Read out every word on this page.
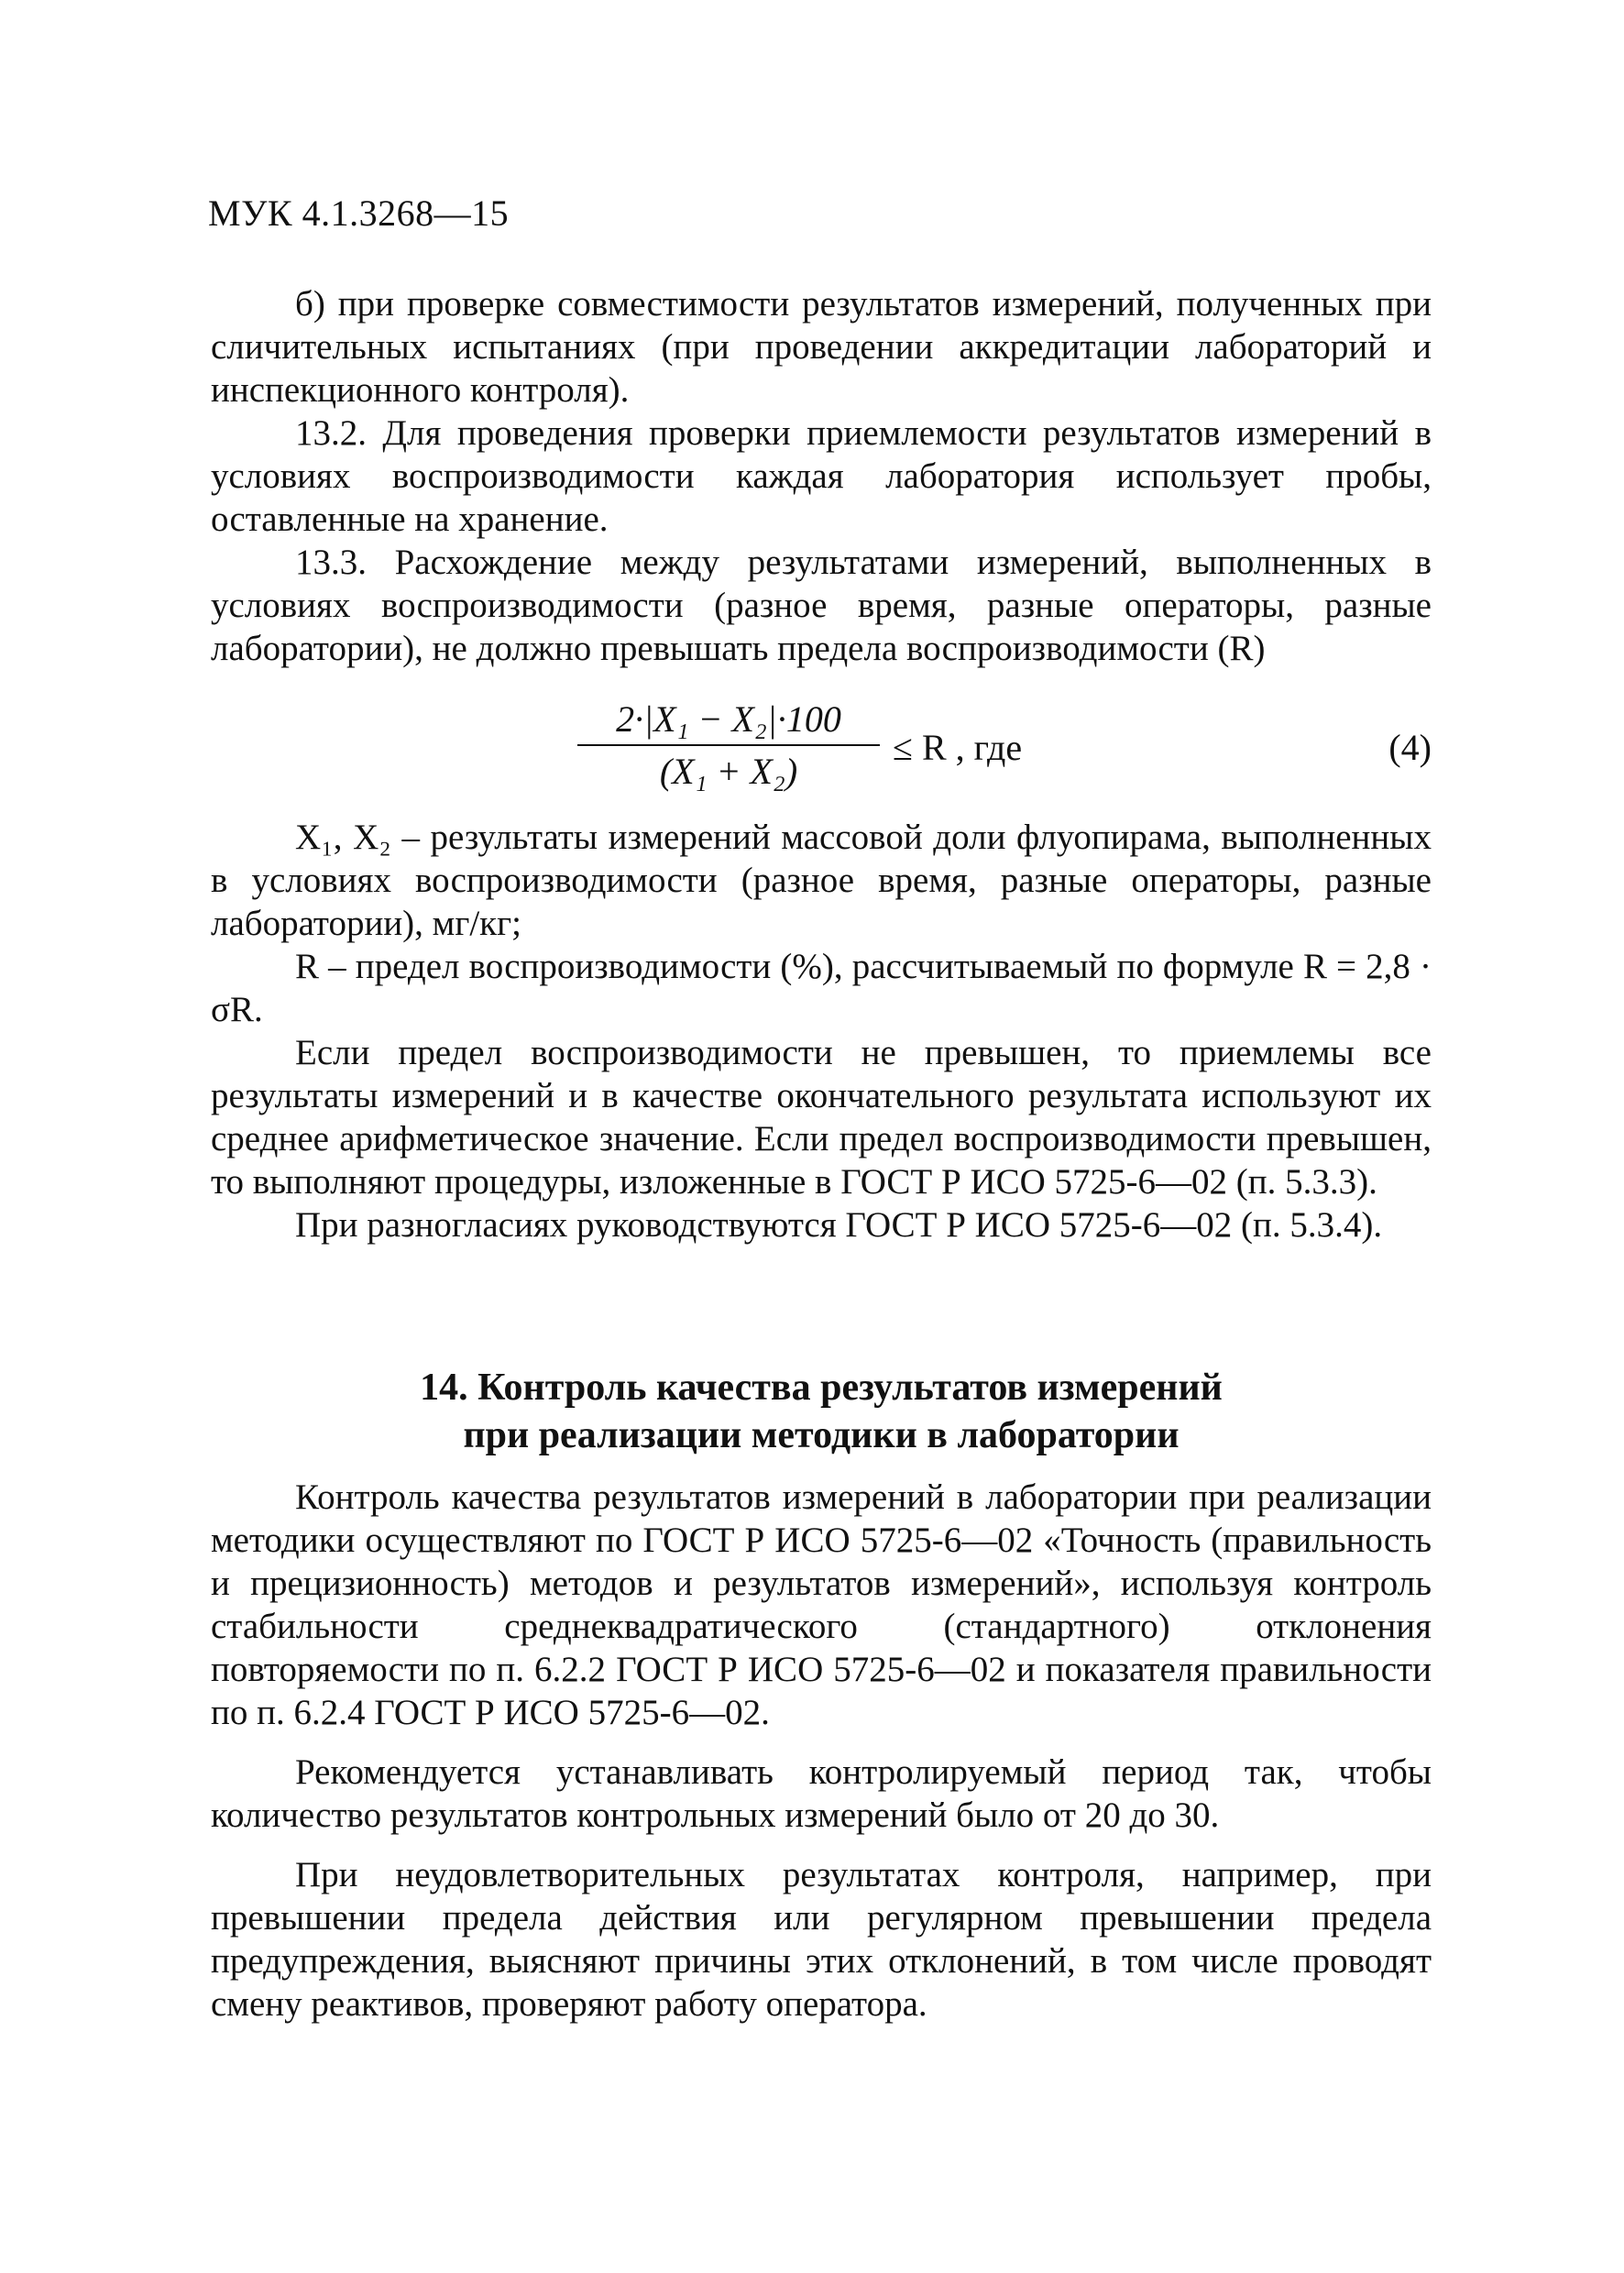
МУК 4.1.3268—15

б) при проверке совместимости результатов измерений, полученных при сличительных испытаниях (при проведении аккредитации лабораторий и инспекционного контроля).

13.2. Для проведения проверки приемлемости результатов измерений в условиях воспроизводимости каждая лаборатория использует пробы, оставленные на хранение.

13.3. Расхождение между результатами измерений, выполненных в условиях воспроизводимости (разное время, разные операторы, разные лаборатории), не должно превышать предела воспроизводимости (R)

$\frac{\text{2·|X₁ − X₂|·100}}{\text{(X₁ + X₂)}} \le R$ , где	(4)

X₁, X₂ – результаты измерений массовой доли флуопирама, выполненных в условиях воспроизводимости (разное время, разные операторы, разные лаборатории), мг/кг;

R – предел воспроизводимости (%), рассчитываемый по формуле R = 2,8 · σR.

Если предел воспроизводимости не превышен, то приемлемы все результаты измерений и в качестве окончательного результата используют их среднее арифметическое значение. Если предел воспроизводимости превышен, то выполняют процедуры, изложенные в ГОСТ Р ИСО 5725-6—02 (п. 5.3.3).

При разногласиях руководствуются ГОСТ Р ИСО 5725-6—02 (п. 5.3.4).

14. Контроль качества результатов измерений
при реализации методики в лаборатории

Контроль качества результатов измерений в лаборатории при реализации методики осуществляют по ГОСТ Р ИСО 5725-6—02 «Точность (правильность и прецизионность) методов и результатов измерений», используя контроль стабильности среднеквадратического (стандартного) отклонения повторяемости по п. 6.2.2 ГОСТ Р ИСО 5725-6—02 и показателя правильности по п. 6.2.4 ГОСТ Р ИСО 5725-6—02.

Рекомендуется устанавливать контролируемый период так, чтобы количество результатов контрольных измерений было от 20 до 30.

При неудовлетворительных результатах контроля, например, при превышении предела действия или регулярном превышении предела предупреждения, выясняют причины этих отклонений, в том числе проводят смену реактивов, проверяют работу оператора.
